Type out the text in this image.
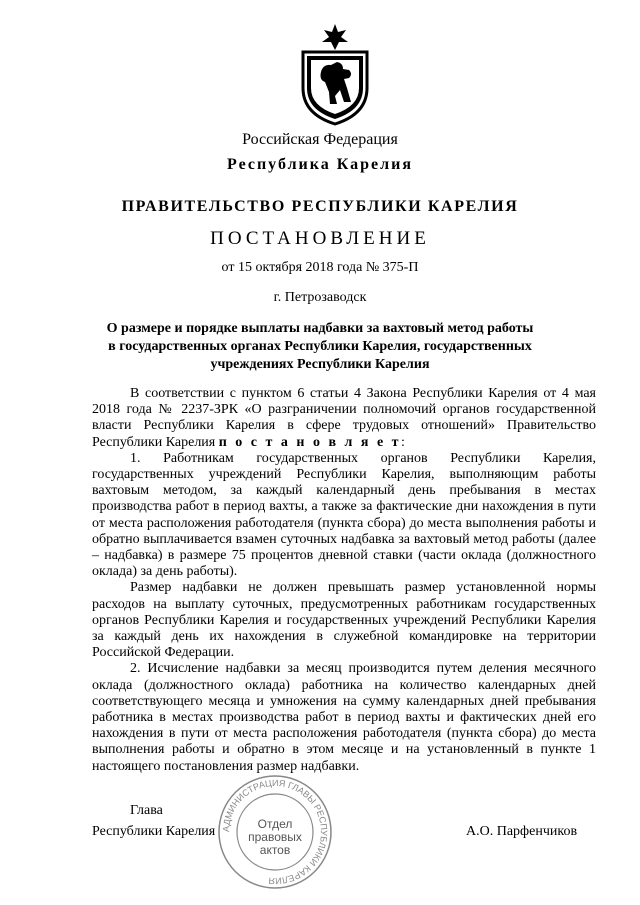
Российская Федерация
Республика Карелия
ПРАВИТЕЛЬСТВО РЕСПУБЛИКИ КАРЕЛИЯ
ПОСТАНОВЛЕНИЕ
от 15 октября 2018 года № 375-П
г. Петрозаводск
О размере и порядке выплаты надбавки за вахтовый метод работы
в государственных органах Республики Карелия, государственных
учреждениях Республики Карелия

В соответствии с пунктом 6 статьи 4 Закона Республики Карелия от 4 мая 2018 года № 2237-ЗРК «О разграничении полномочий органов государственной власти Республики Карелия в сфере трудовых отношений» Правительство Республики Карелия п о с т а н о в л я е т:

1. Работникам государственных органов Республики Карелия, государственных учреждений Республики Карелия, выполняющим работы вахтовым методом, за каждый календарный день пребывания в местах производства работ в период вахты, а также за фактические дни нахождения в пути от места расположения работодателя (пункта сбора) до места выполнения работы и обратно выплачивается взамен суточных надбавка за вахтовый метод работы (далее – надбавка) в размере 75 процентов дневной ставки (части оклада (должностного оклада) за день работы).

Размер надбавки не должен превышать размер установленной нормы расходов на выплату суточных, предусмотренных работникам государственных органов Республики Карелия и государственных учреждений Республики Карелия за каждый день их нахождения в служебной командировке на территории Российской Федерации.

2. Исчисление надбавки за месяц производится путем деления месячного оклада (должностного оклада) работника на количество календарных дней соответствующего месяца и умножения на сумму календарных дней пребывания работника в местах производства работ в период вахты и фактических дней его нахождения в пути от места расположения работодателя (пункта сбора) до места выполнения работы и обратно в этом месяце и на установленный в пункте 1 настоящего постановления размер надбавки.

АДМИНИСТРАЦИЯ ГЛАВЫ РЕСПУБЛИКИ КАРЕЛИЯ
Отдел
правовых
актов
Глава
Республики Карелия	А.О. Парфенчиков
